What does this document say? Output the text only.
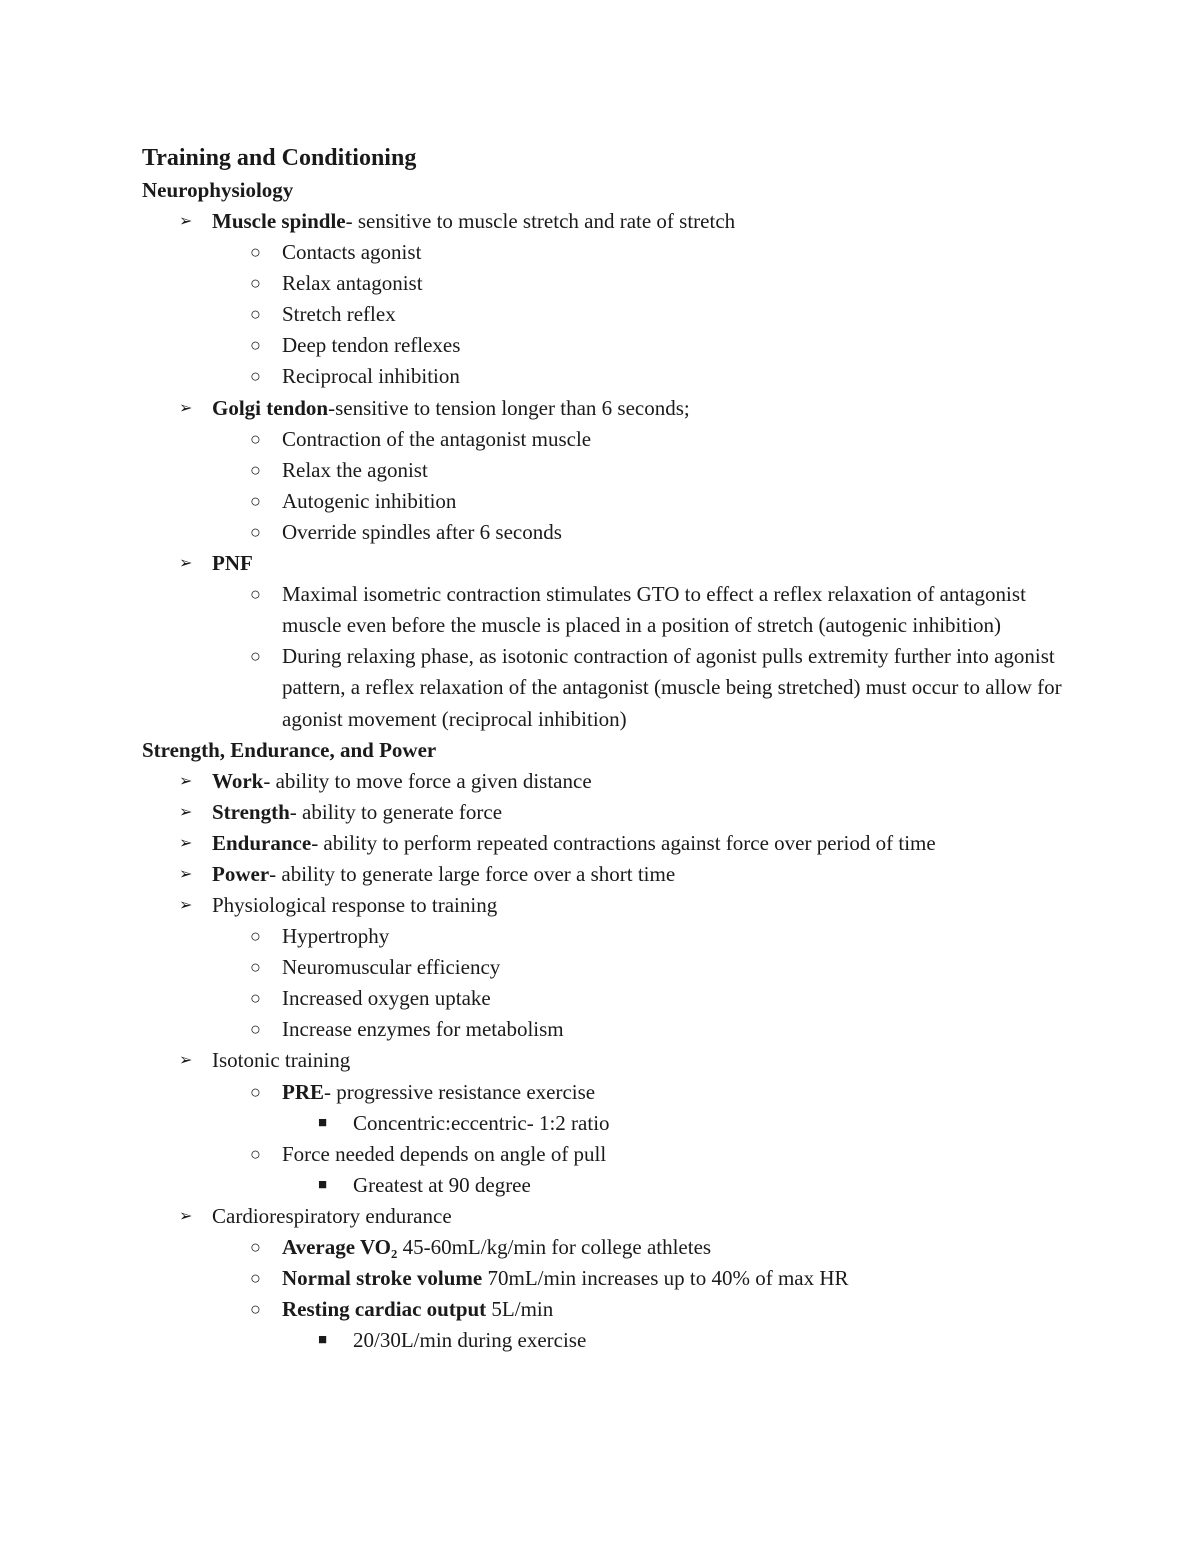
Training and Conditioning
Neurophysiology
➢ Muscle spindle- sensitive to muscle stretch and rate of stretch
○ Contacts agonist
○ Relax antagonist
○ Stretch reflex
○ Deep tendon reflexes
○ Reciprocal inhibition
➢ Golgi tendon-sensitive to tension longer than 6 seconds;
○ Contraction of the antagonist muscle
○ Relax the agonist
○ Autogenic inhibition
○ Override spindles after 6 seconds
➢ PNF
○ Maximal isometric contraction stimulates GTO to effect a reflex relaxation of antagonist muscle even before the muscle is placed in a position of stretch (autogenic inhibition)
○ During relaxing phase, as isotonic contraction of agonist pulls extremity further into agonist pattern, a reflex relaxation of the antagonist (muscle being stretched) must occur to allow for agonist movement (reciprocal inhibition)
Strength, Endurance, and Power
➢ Work- ability to move force a given distance
➢ Strength- ability to generate force
➢ Endurance- ability to perform repeated contractions against force over period of time
➢ Power- ability to generate large force over a short time
➢ Physiological response to training
○ Hypertrophy
○ Neuromuscular efficiency
○ Increased oxygen uptake
○ Increase enzymes for metabolism
➢ Isotonic training
○ PRE- progressive resistance exercise
■ Concentric:eccentric- 1:2 ratio
○ Force needed depends on angle of pull
■ Greatest at 90 degree
➢ Cardiorespiratory endurance
○ Average VO₂ 45-60mL/kg/min for college athletes
○ Normal stroke volume 70mL/min increases up to 40% of max HR
○ Resting cardiac output 5L/min
■ 20/30L/min during exercise
